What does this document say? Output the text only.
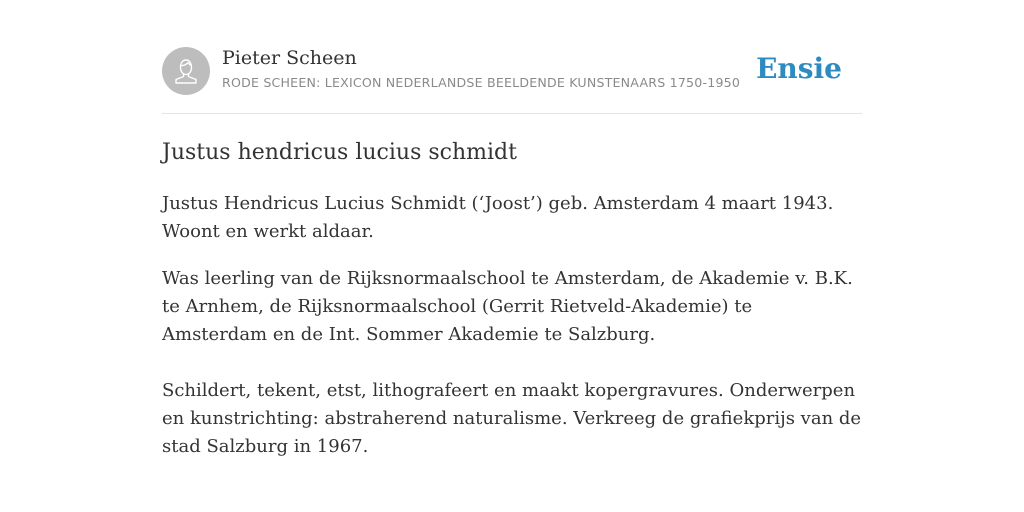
Pieter Scheen
RODE SCHEEN: LEXICON NEDERLANDSE BEELDENDE KUNSTENAARS 1750-1950 Ensie
Justus hendricus lucius schmidt

Justus Hendricus Lucius Schmidt (‘Joost’) geb. Amsterdam 4 maart 1943. Woont en werkt aldaar.

Was leerling van de Rijksnormaalschool te Amsterdam, de Akademie v. B.K. te Arnhem, de Rijksnormaalschool (Gerrit Rietveld-Akademie) te Amsterdam en de Int. Sommer Akademie te Salzburg.

Schildert, tekent, etst, lithografeert en maakt kopergravures. Onderwerpen en kunstrichting: abstraherend naturalisme. Verkreeg de grafiekprijs van de stad Salzburg in 1967.
